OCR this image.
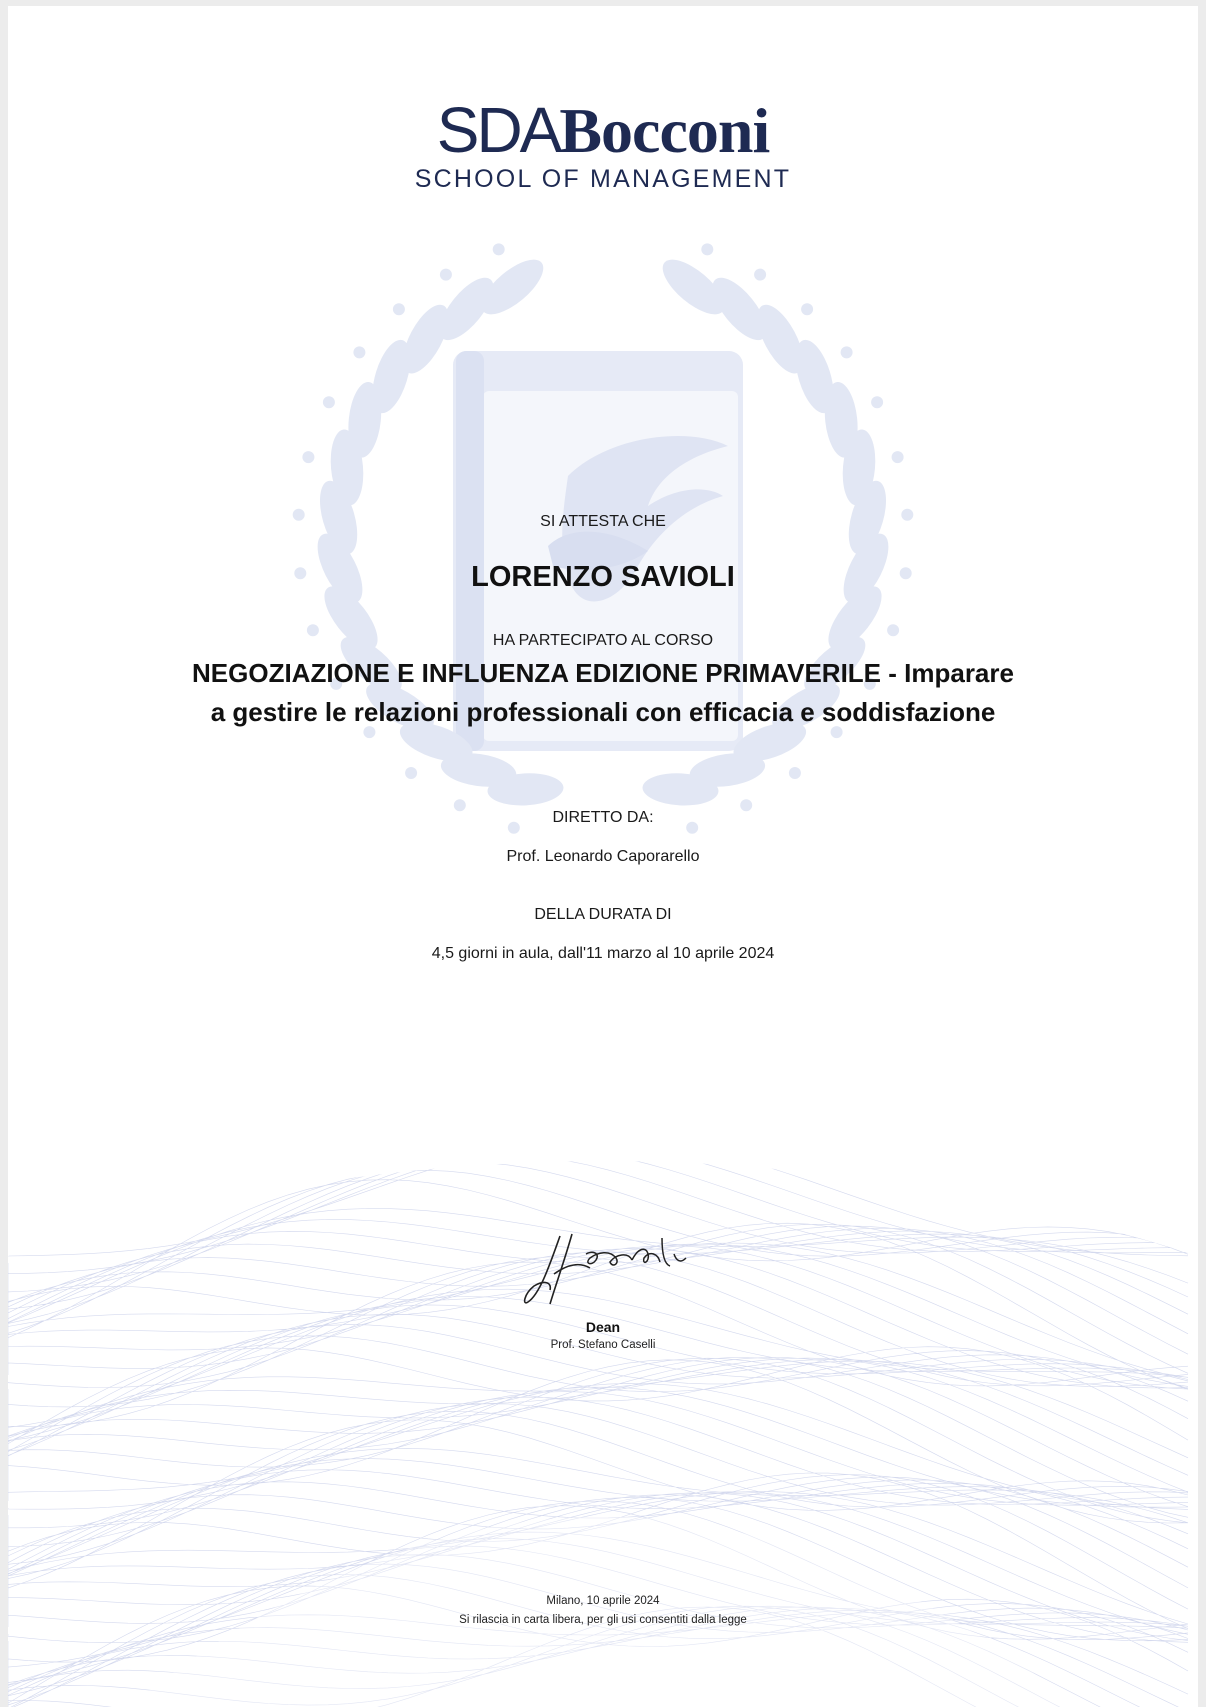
SDABocconi
SCHOOL OF MANAGEMENT
SI ATTESTA CHE
LORENZO SAVIOLI
HA PARTECIPATO AL CORSO
NEGOZIAZIONE E INFLUENZA EDIZIONE PRIMAVERILE - Imparare
a gestire le relazioni professionali con efficacia e soddisfazione
DIRETTO DA:
Prof. Leonardo Caporarello
DELLA DURATA DI
4,5 giorni in aula, dall'11 marzo al 10 aprile 2024
Dean
Prof. Stefano Caselli
Milano, 10 aprile 2024
Si rilascia in carta libera, per gli usi consentiti dalla legge
